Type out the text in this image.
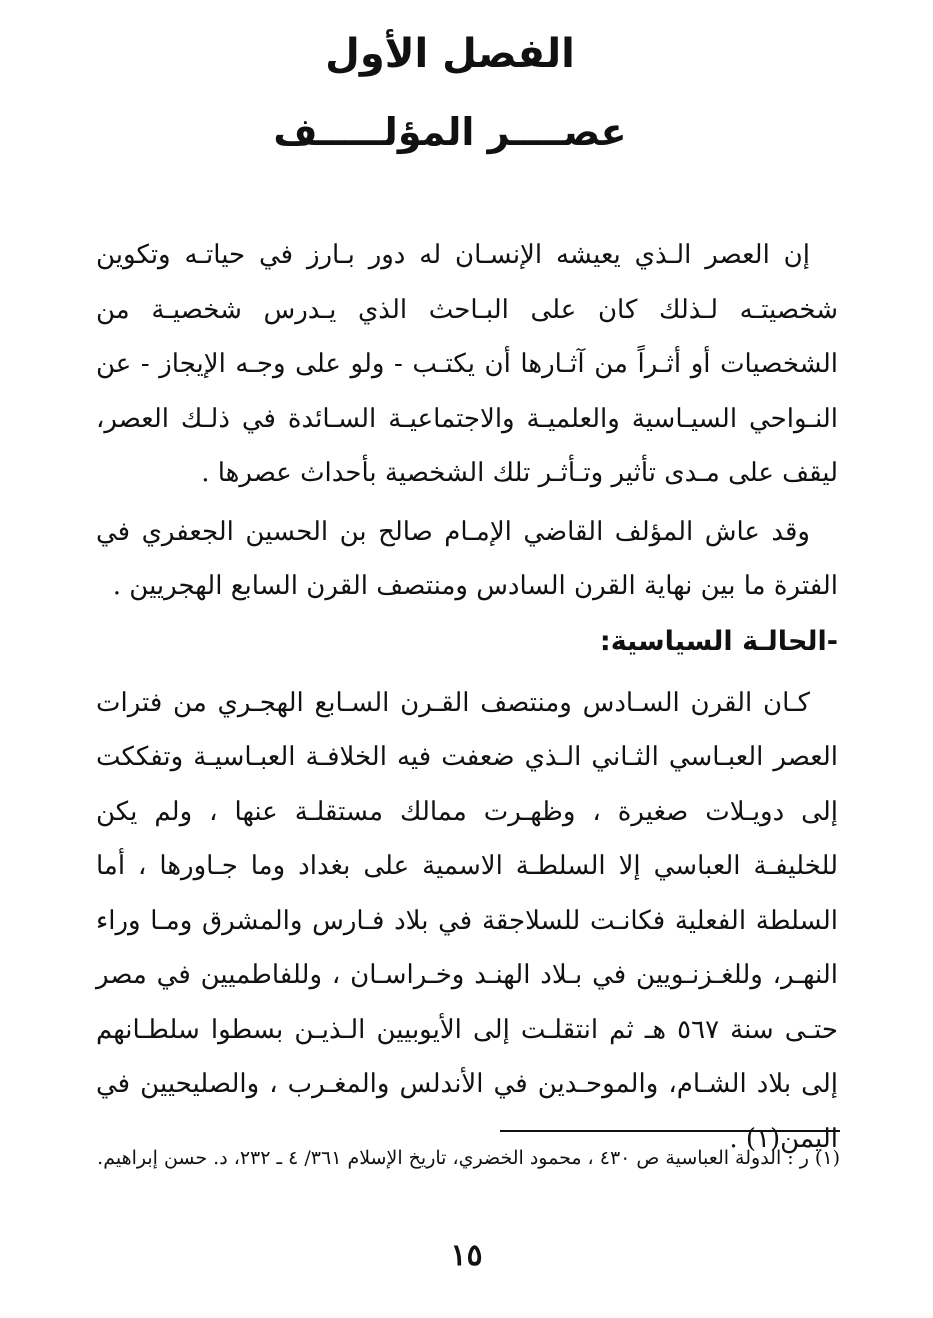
الفصل الأول
عصــــر المؤلـــــف

إن العصر الـذي يعيشه الإنسـان له دور بـارز في حياتـه وتكوين شخصيتـه لـذلك كان على البـاحث الذي يـدرس شخصيـة من الشخصيات أو أثـراً من آثـارها أن يكتـب - ولو على وجـه الإيجاز - عن النـواحي السيـاسية والعلميـة والاجتماعيـة السـائدة في ذلـك العصر، ليقف على مـدى تأثير وتـأثـر تلك الشخصية بأحداث عصرها .

وقد عاش المؤلف القاضي الإمـام صالح بن الحسين الجعفري في الفترة ما بين نهاية القرن السادس ومنتصف القرن السابع الهجريين .

-الحالـة السياسية:

كـان القرن السـادس ومنتصف القـرن السـابع الهجـري من فترات العصر العبـاسي الثـاني الـذي ضعفت فيه الخلافـة العبـاسيـة وتفككت إلى دويـلات صغيرة ، وظهـرت ممالك مستقلـة عنها ، ولم يكن للخليفـة العباسي إلا السلطـة الاسمية على بغداد وما جـاورها ، أما السلطة الفعلية فكانـت للسلاجقة في بلاد فـارس والمشرق ومـا وراء النهـر، وللغـزنـويين في بـلاد الهنـد وخـراسـان ، وللفاطميين في مصر حتـى سنة ٥٦٧ هـ ثم انتقلـت إلى الأيوبيين الـذيـن بسطوا سلطـانهم إلى بلاد الشـام، والموحـدين في الأندلس والمغـرب ، والصليحيين في اليمن(١) .

(١) ر : الدولة العباسية ص ٤٣٠ ، محمود الخضري، تاريخ الإسلام ٣٦١/ ٤ ـ ٢٣٢، د. حسن إبراهيم.

١٥
